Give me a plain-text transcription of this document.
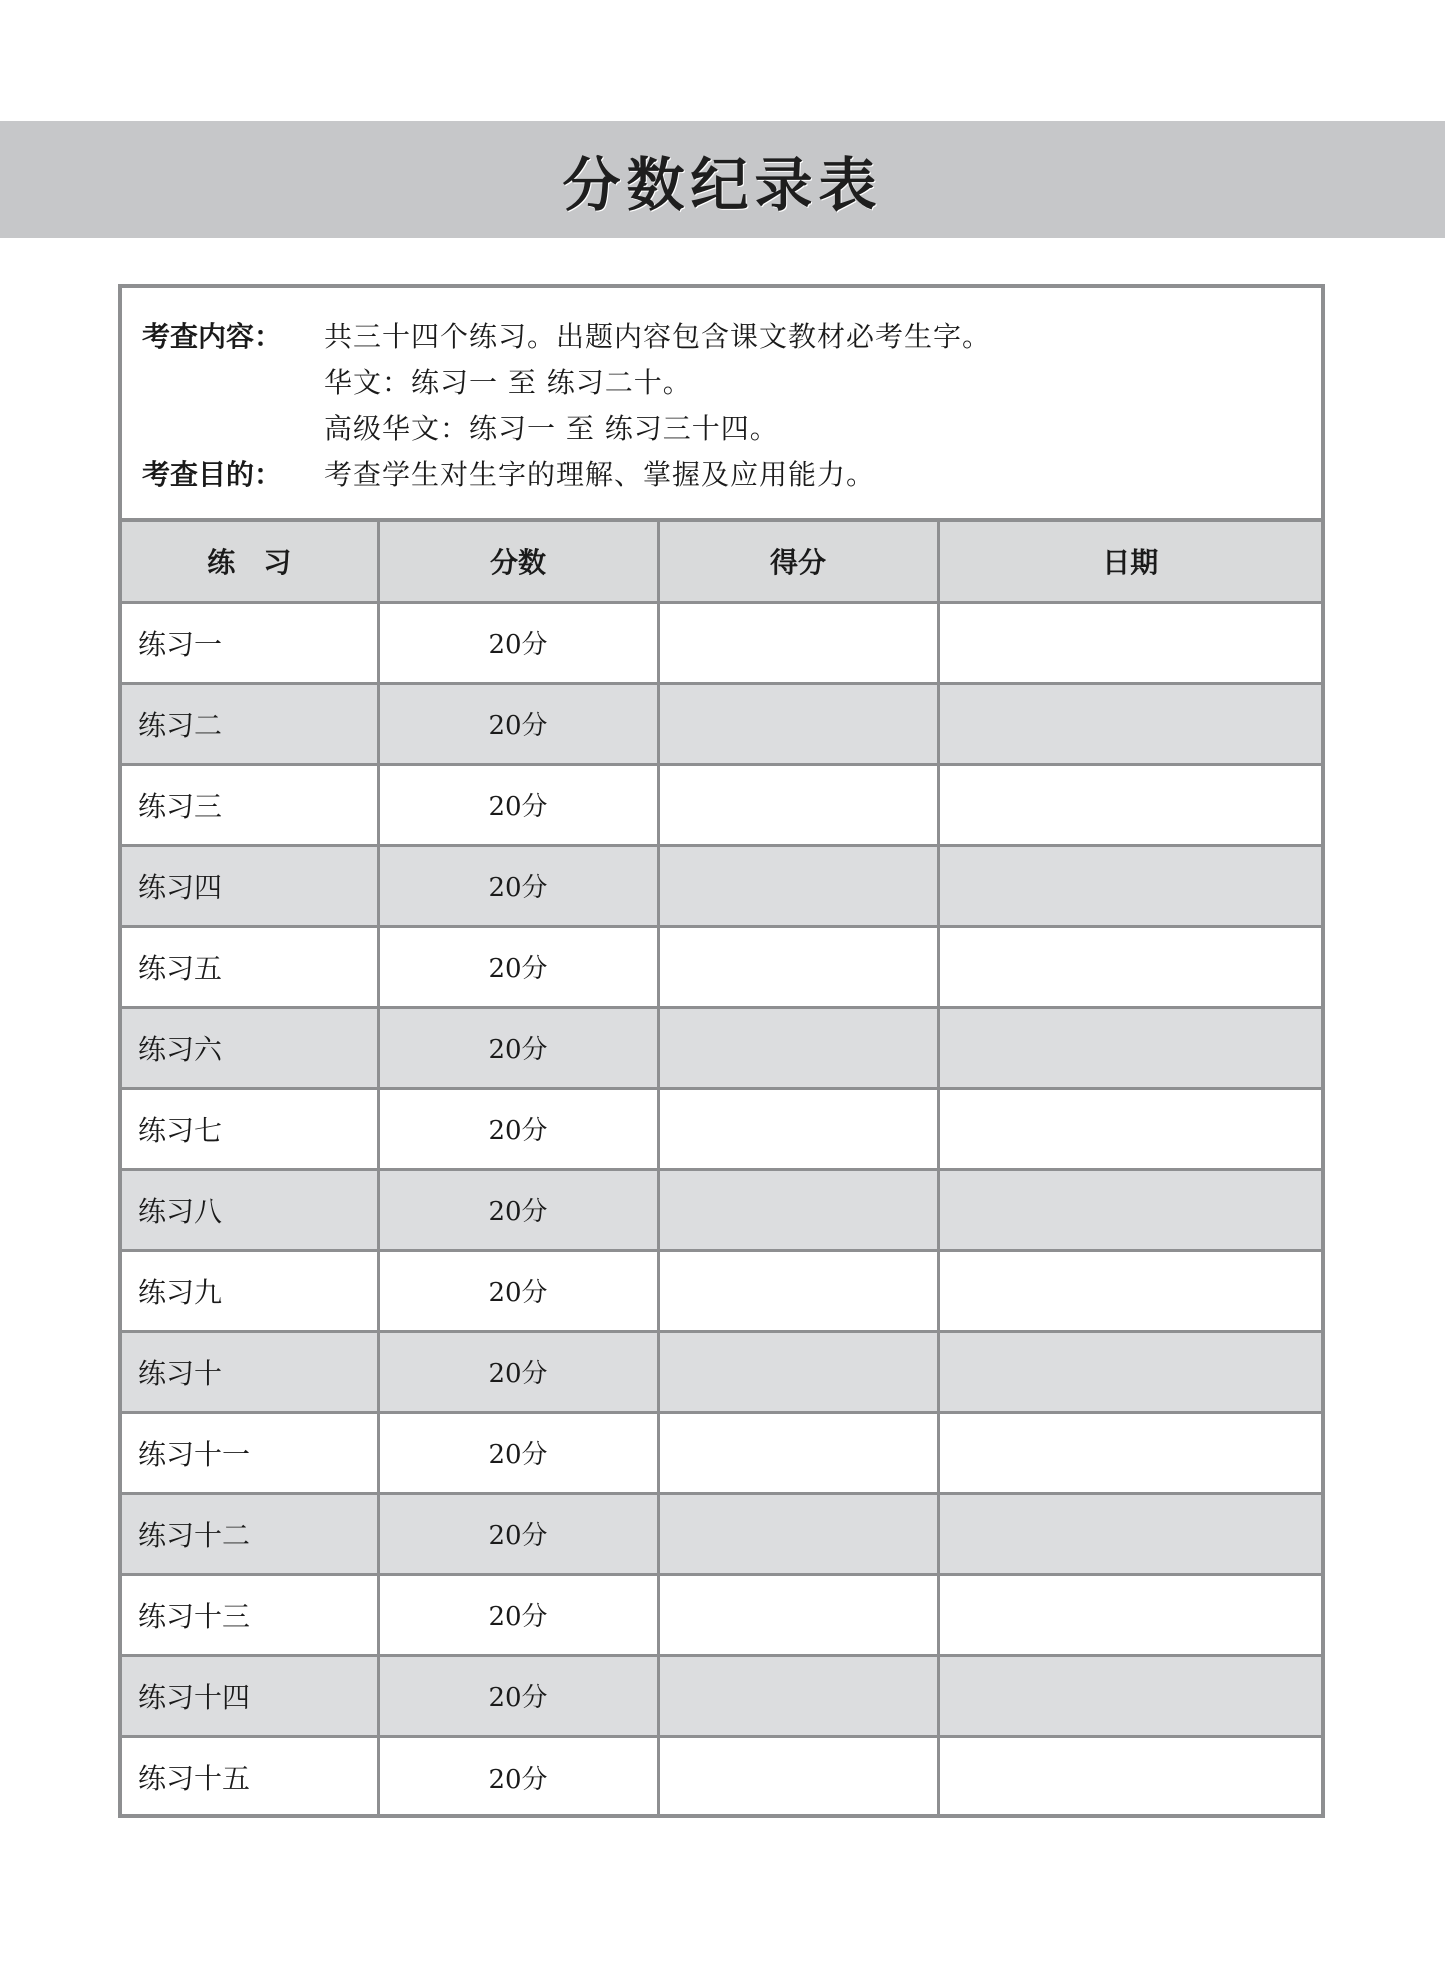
分数纪录表
考查内容：	共三十四个练习。出题内容包含课文教材必考生字。
华文：练习一 至 练习二十。
高级华文：练习一 至 练习三十四。
考查目的：	考查学生对生字的理解、掌握及应用能力。
练　习	分数	得分	日期
练习一	20分		
练习二	20分		
练习三	20分		
练习四	20分		
练习五	20分		
练习六	20分		
练习七	20分		
练习八	20分		
练习九	20分		
练习十	20分		
练习十一	20分		
练习十二	20分		
练习十三	20分		
练习十四	20分		
练习十五	20分		
